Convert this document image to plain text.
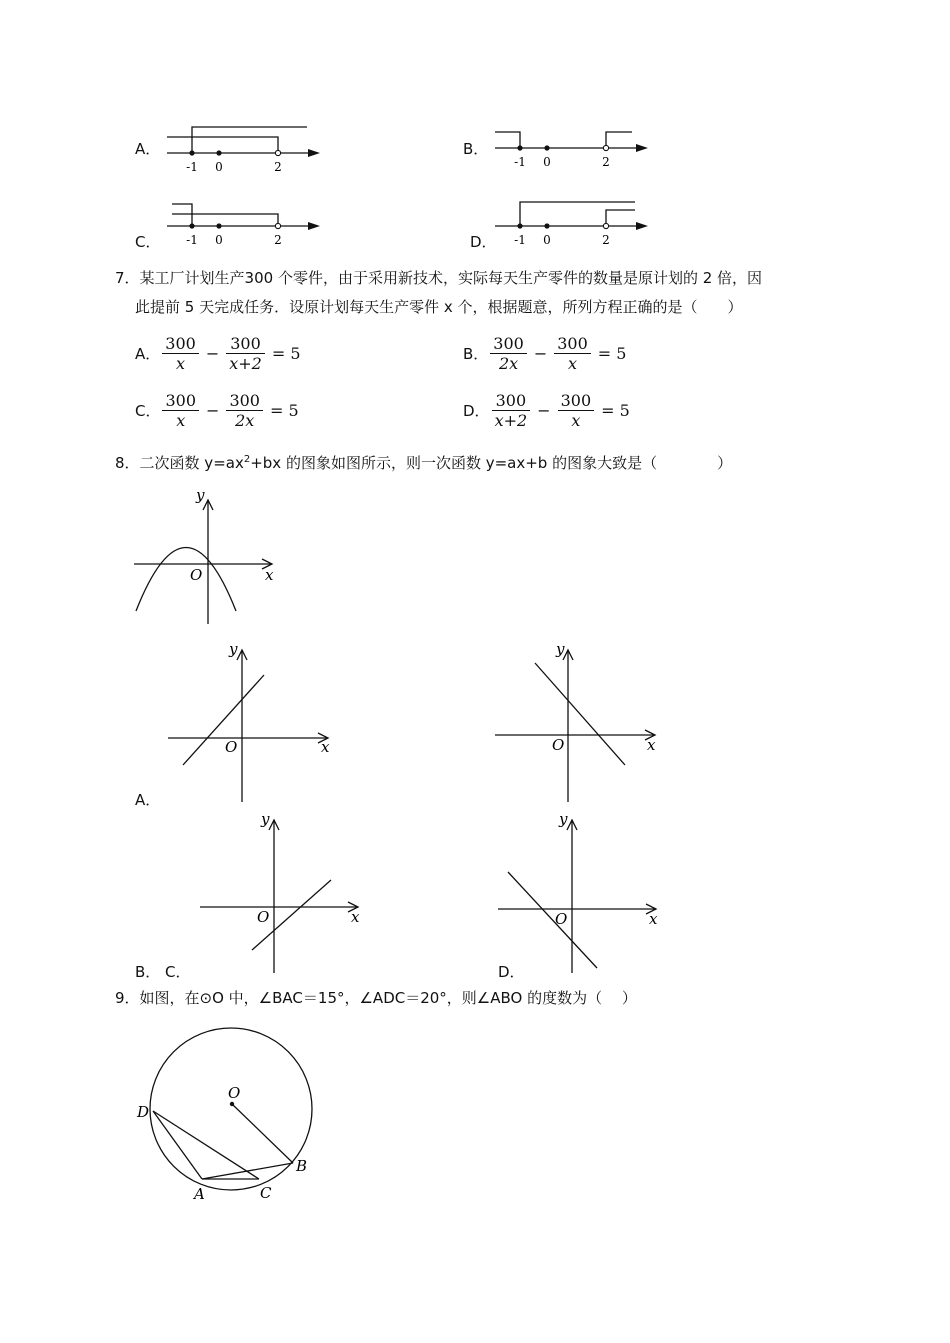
A．
-1 0	2
B．
-1 0	2
C． -1 0	2	D． -1 0	2
7．某工厂计划生产300 个零件，由于采用新技术，实际每天生产零件的数量是原计划的 2 倍，因
此提前 5 天完成任务．设原计划每天生产零件 x 个，根据题意，所列方程正确的是（　　）
A． $\frac{300}{x} - \frac{300}{x+2} = 5$	B． $\frac{300}{2x} - \frac{300}{x} = 5$
C． $\frac{300}{x} - \frac{300}{2x} = 5$	D． $\frac{300}{x+2} - \frac{300}{x} = 5$
8．二次函数 $y=ax^2+bx$ 的图象如图所示，则一次函数 y=ax+b 的图象大致是（　　　　）
y
x
O
A．
y
x
O
y
x
O
B． C．
y
x
O
D．
y
x
O
9．如图，在⊙O 中，∠BAC＝15°，∠ADC＝20°，则∠ABO 的度数为（　 ）
O
D
A	C
B
